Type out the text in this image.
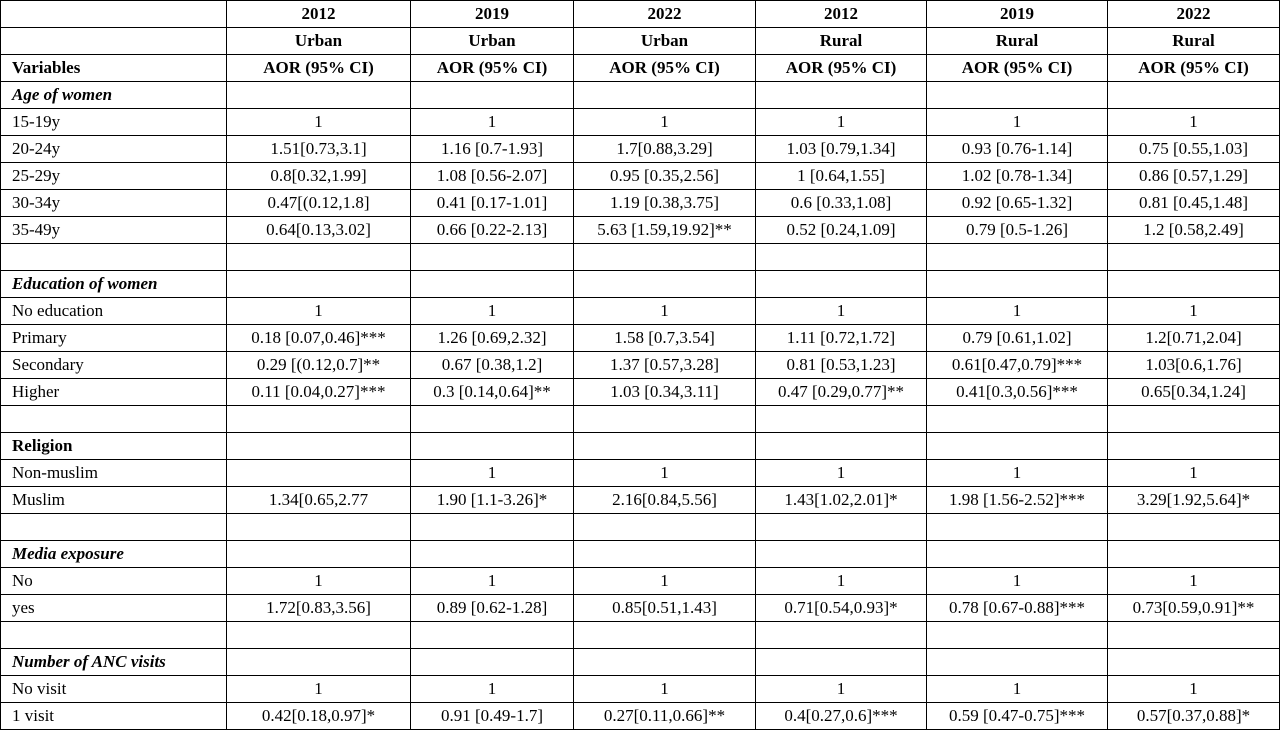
	2012	2019	2022	2012	2019	2022
	Urban	Urban	Urban	Rural	Rural	Rural
Variables	AOR (95% CI)	AOR (95% CI)	AOR (95% CI)	AOR (95% CI)	AOR (95% CI)	AOR (95% CI)
Age of women						
15-19y	1	1	1	1	1	1
20-24y	1.51[0.73,3.1]	1.16 [0.7-1.93]	1.7[0.88,3.29]	1.03 [0.79,1.34]	0.93 [0.76-1.14]	0.75 [0.55,1.03]
25-29y	0.8[0.32,1.99]	1.08 [0.56-2.07]	0.95 [0.35,2.56]	1 [0.64,1.55]	1.02 [0.78-1.34]	0.86 [0.57,1.29]
30-34y	0.47[(0.12,1.8]	0.41 [0.17-1.01]	1.19 [0.38,3.75]	0.6 [0.33,1.08]	0.92 [0.65-1.32]	0.81 [0.45,1.48]
35-49y	0.64[0.13,3.02]	0.66 [0.22-2.13]	5.63 [1.59,19.92]**	0.52 [0.24,1.09]	0.79 [0.5-1.26]	1.2 [0.58,2.49]

Education of women						
No education	1	1	1	1	1	1
Primary	0.18 [0.07,0.46]***	1.26 [0.69,2.32]	1.58 [0.7,3.54]	1.11 [0.72,1.72]	0.79 [0.61,1.02]	1.2[0.71,2.04]
Secondary	0.29 [(0.12,0.7]**	0.67 [0.38,1.2]	1.37 [0.57,3.28]	0.81 [0.53,1.23]	0.61[0.47,0.79]***	1.03[0.6,1.76]
Higher	0.11 [0.04,0.27]***	0.3 [0.14,0.64]**	1.03 [0.34,3.11]	0.47 [0.29,0.77]**	0.41[0.3,0.56]***	0.65[0.34,1.24]

Religion						
Non-muslim		1	1	1	1	1
Muslim	1.34[0.65,2.77	1.90 [1.1-3.26]*	2.16[0.84,5.56]	1.43[1.02,2.01]*	1.98 [1.56-2.52]***	3.29[1.92,5.64]*

Media exposure						
No	1	1	1	1	1	1
yes	1.72[0.83,3.56]	0.89 [0.62-1.28]	0.85[0.51,1.43]	0.71[0.54,0.93]*	0.78 [0.67-0.88]***	0.73[0.59,0.91]**

Number of ANC visits						
No visit	1	1	1	1	1	1
1 visit	0.42[0.18,0.97]*	0.91 [0.49-1.7]	0.27[0.11,0.66]**	0.4[0.27,0.6]***	0.59 [0.47-0.75]***	0.57[0.37,0.88]*
